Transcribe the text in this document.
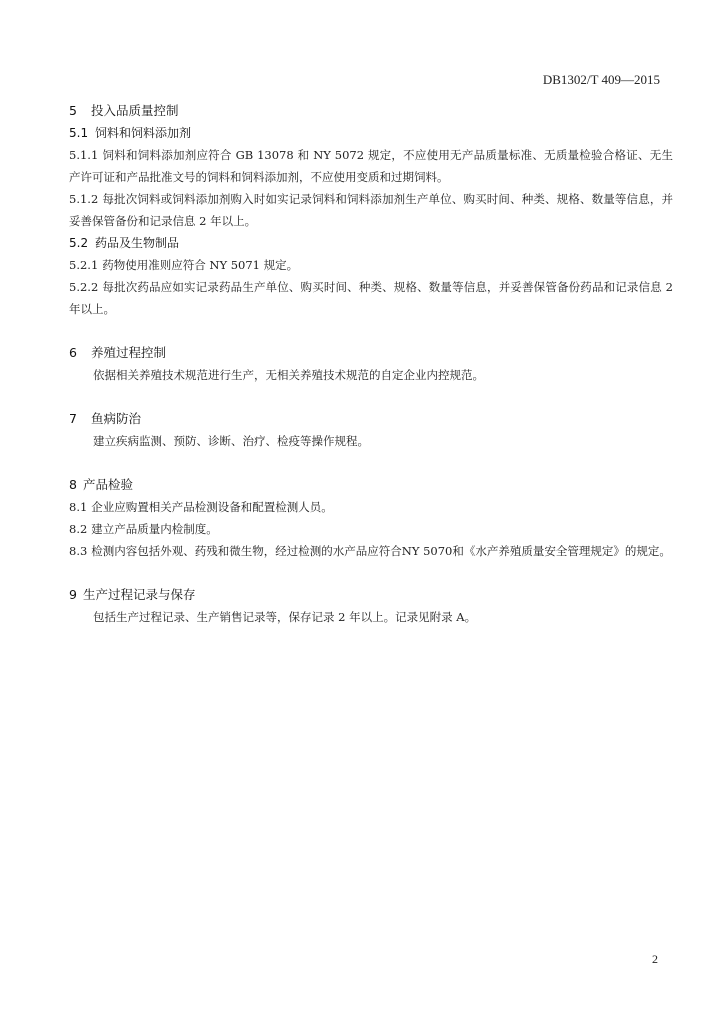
DB1302/T 409—2015
5 投入品质量控制
5.1 饲料和饲料添加剂
5.1.1 饲料和饲料添加剂应符合 GB 13078 和 NY 5072 规定，不应使用无产品质量标准、无质量检验合格证、无生产许可证和产品批准文号的饲料和饲料添加剂，不应使用变质和过期饲料。
5.1.2 每批次饲料或饲料添加剂购入时如实记录饲料和饲料添加剂生产单位、购买时间、种类、规格、数量等信息，并妥善保管备份和记录信息 2 年以上。
5.2 药品及生物制品
5.2.1 药物使用准则应符合 NY 5071 规定。
5.2.2 每批次药品应如实记录药品生产单位、购买时间、种类、规格、数量等信息，并妥善保管备份药品和记录信息 2 年以上。
6 养殖过程控制
依据相关养殖技术规范进行生产，无相关养殖技术规范的自定企业内控规范。
7 鱼病防治
建立疾病监测、预防、诊断、治疗、检疫等操作规程。
8 产品检验
8.1 企业应购置相关产品检测设备和配置检测人员。
8.2 建立产品质量内检制度。
8.3 检测内容包括外观、药残和微生物，经过检测的水产品应符合NY 5070和《水产养殖质量安全管理规定》的规定。
9 生产过程记录与保存
包括生产过程记录、生产销售记录等，保存记录 2 年以上。记录见附录 A。
2
